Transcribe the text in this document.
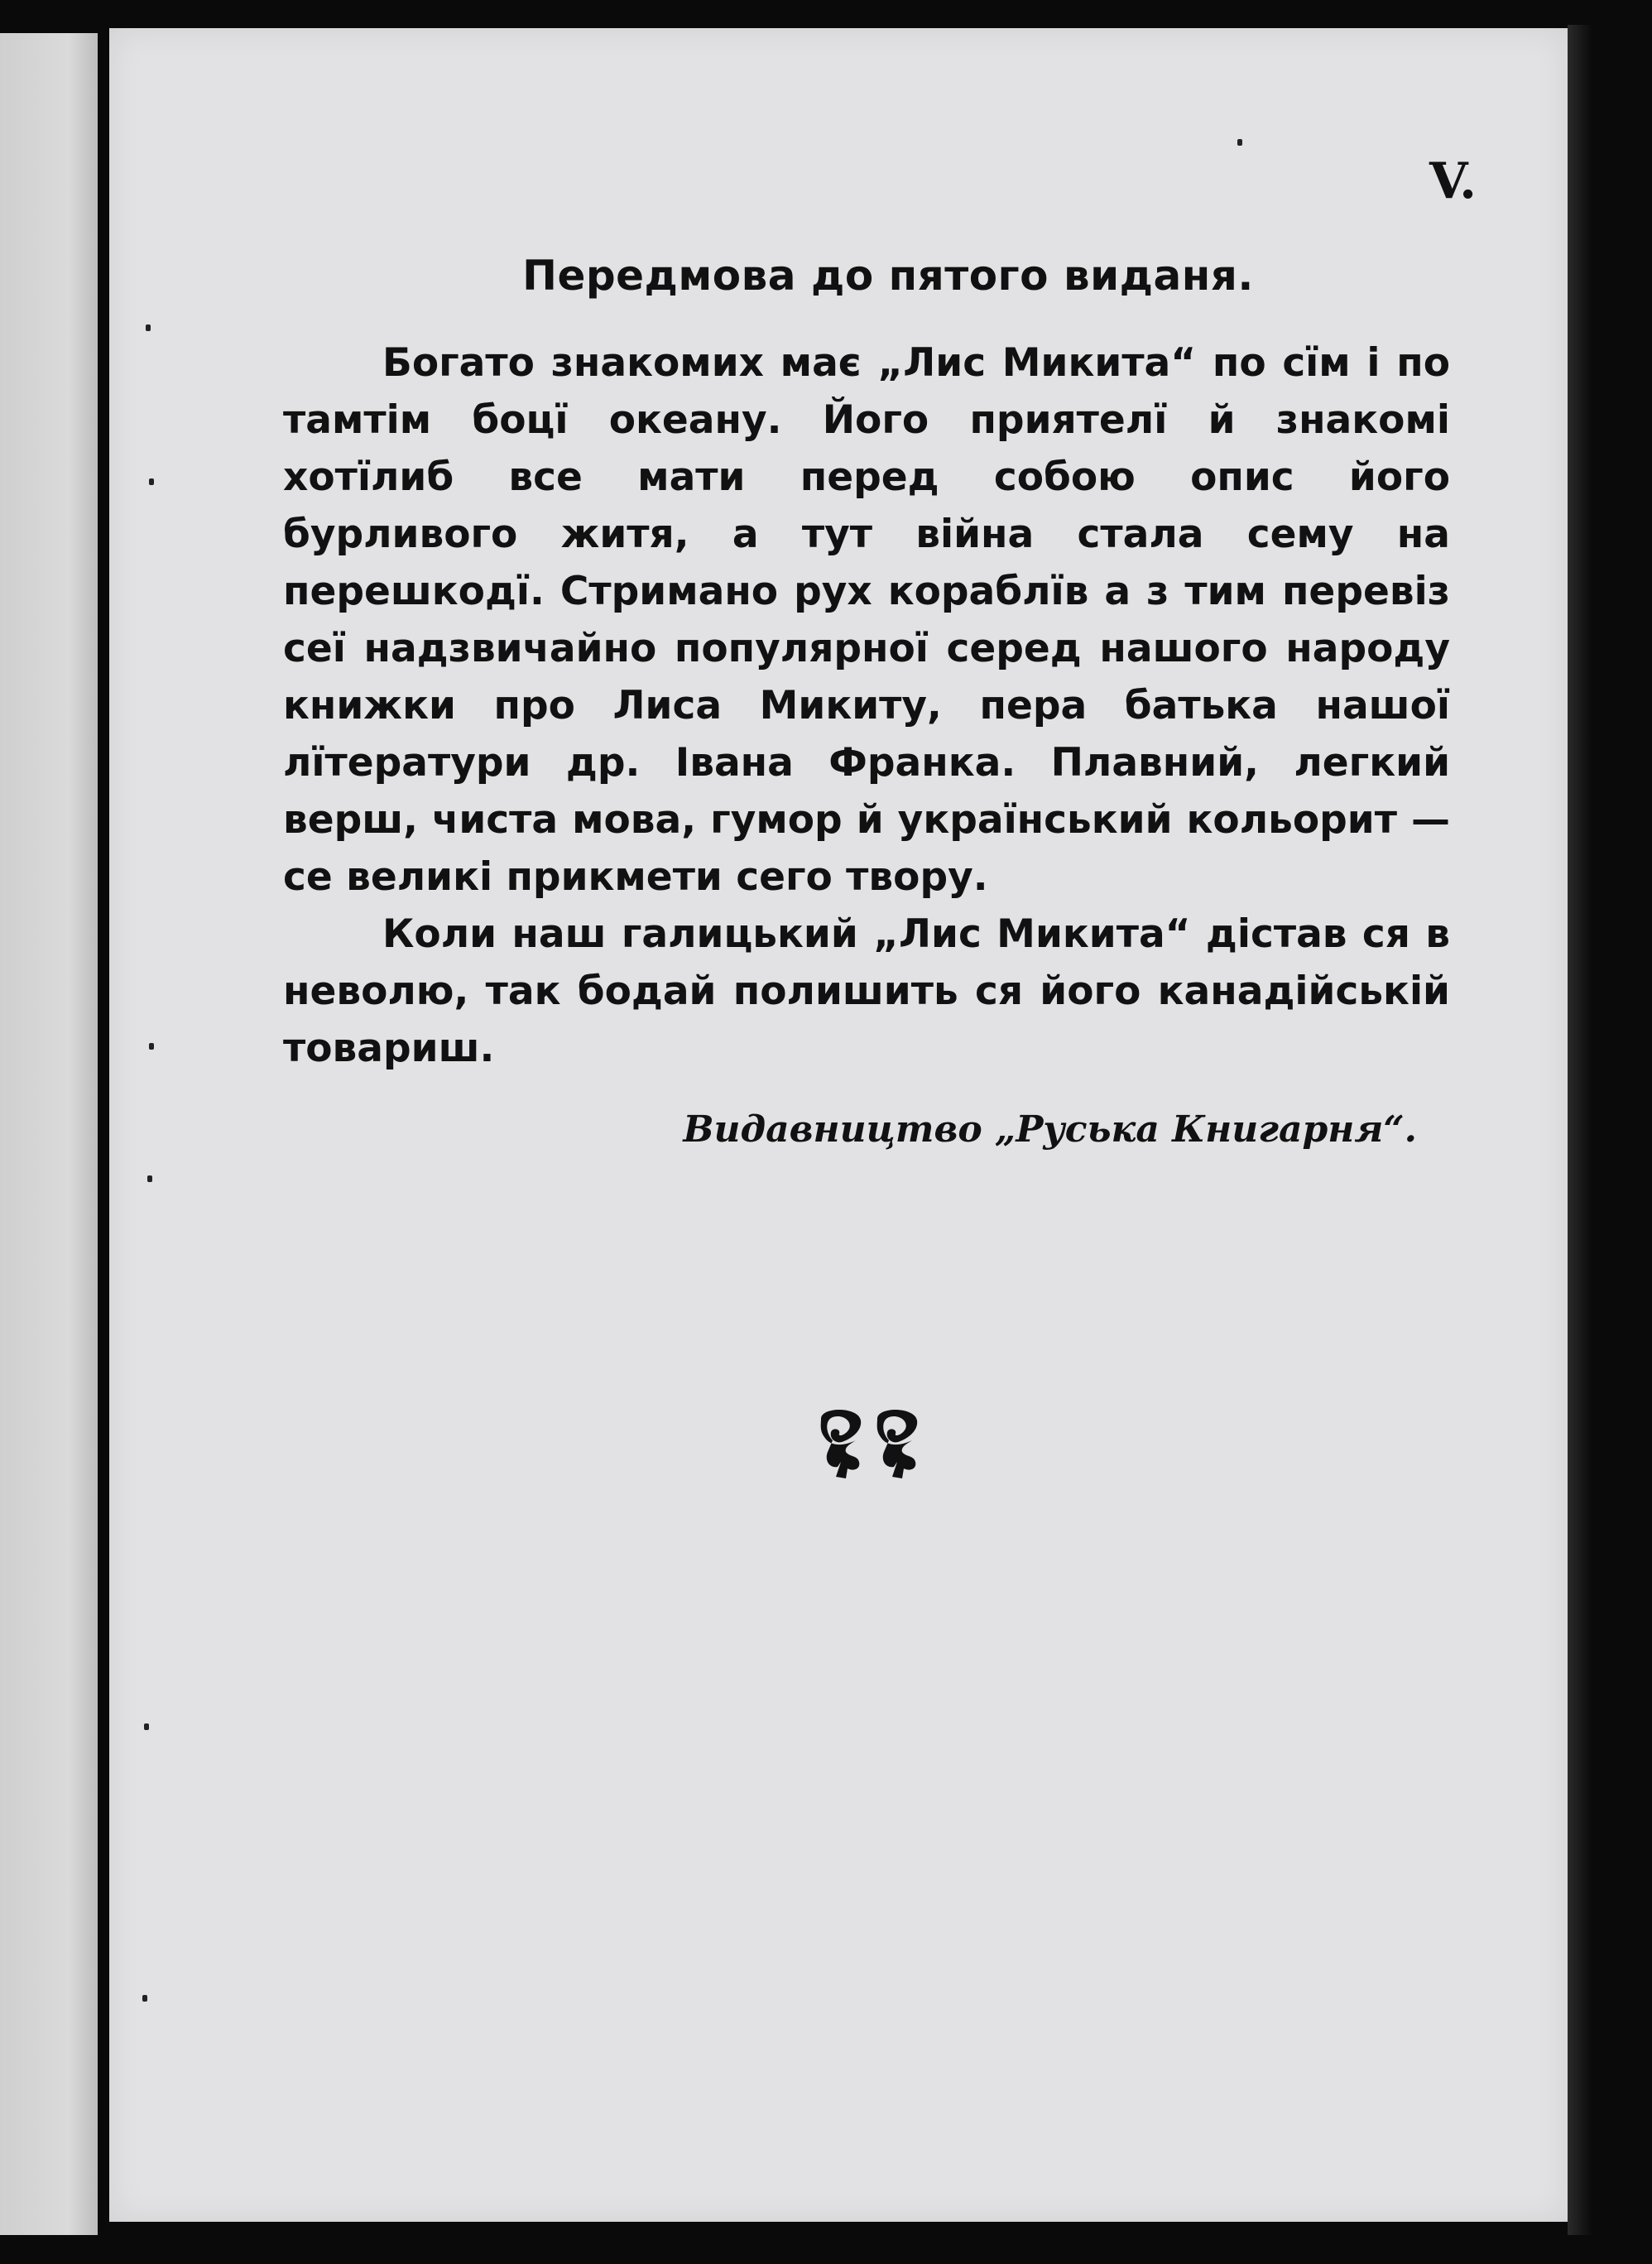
V.
Передмова до пятого виданя.

Богато знакомих має „Лис Микита“ по сїм і по тамтім боцї океану. Його приятелї й знакомі хотїлиб все мати перед собою опис його бурливого житя, а тут війна стала сему на перешкодї. Стримано рух кораблїв а з тим перевіз сеї надзвичайно популярної серед нашого народу книжки про Лиса Микиту, пера батька нашої лїтератури др. Івана Франка. Плавний, легкий верш, чиста мова, гумор й український кольорит — се великі прикмети сего твору.

Коли наш галицький „Лис Микита“ дістав ся в неволю, так бодай полишить ся його канадійській товариш.

Видавництво „Руська Книгарня“.
